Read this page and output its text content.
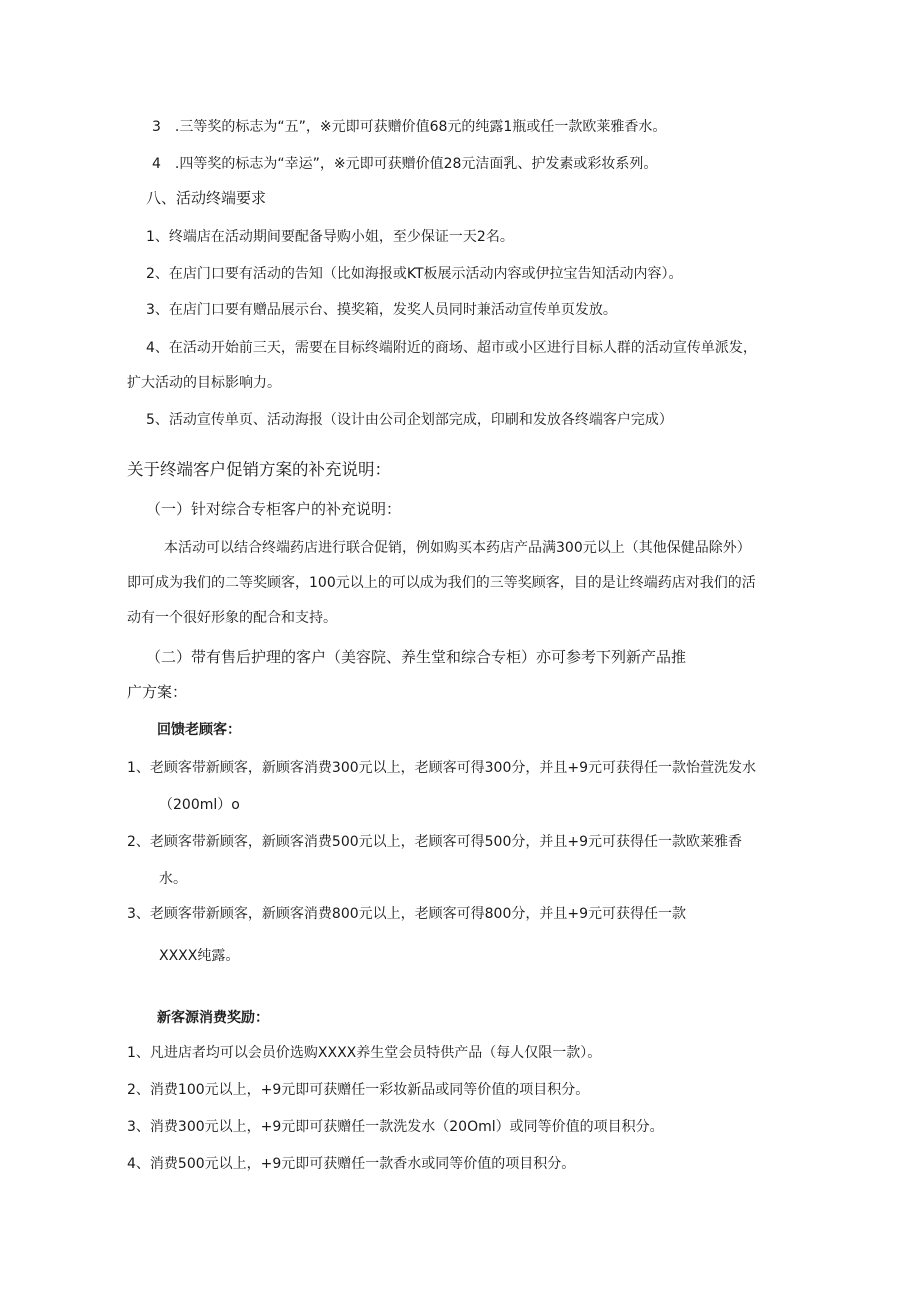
3　.三等奖的标志为“五”，※元即可获赠价值68元的纯露1瓶或任一款欧莱雅香水。
4　.四等奖的标志为“幸运”，※元即可获赠价值28元洁面乳、护发素或彩妆系列。
八、活动终端要求
1、终端店在活动期间要配备导购小姐，至少保证一天2名。
2、在店门口要有活动的告知（比如海报或KT板展示活动内容或伊拉宝告知活动内容）。
3、在店门口要有赠品展示台、摸奖箱，发奖人员同时兼活动宣传单页发放。
4、在活动开始前三天，需要在目标终端附近的商场、超市或小区进行目标人群的活动宣传单派发，
扩大活动的目标影响力。
5、活动宣传单页、活动海报（设计由公司企划部完成，印刷和发放各终端客户完成）
关于终端客户促销方案的补充说明：
（一）针对综合专柜客户的补充说明：
本活动可以结合终端药店进行联合促销，例如购买本药店产品满300元以上（其他保健品除外）
即可成为我们的二等奖顾客，100元以上的可以成为我们的三等奖顾客，目的是让终端药店对我们的活
动有一个很好形象的配合和支持。
（二）带有售后护理的客户（美容院、养生堂和综合专柜）亦可参考下列新产品推
广方案：
回馈老顾客：
1、老顾客带新顾客，新顾客消费300元以上，老顾客可得300分，并且+9元可获得任一款怡萱洗发水
（200ml）o
2、老顾客带新顾客，新顾客消费500元以上，老顾客可得500分，并且+9元可获得任一款欧莱雅香
水。
3、老顾客带新顾客，新顾客消费800元以上，老顾客可得800分，并且+9元可获得任一款
XXXX纯露。
新客源消费奖励：
1、凡进店者均可以会员价选购XXXX养生堂会员特供产品（每人仅限一款）。
2、消费100元以上，+9元即可获赠任一彩妆新品或同等价值的项目积分。
3、消费300元以上，+9元即可获赠任一款洗发水（20Oml）或同等价值的项目积分。
4、消费500元以上，+9元即可获赠任一款香水或同等价值的项目积分。
